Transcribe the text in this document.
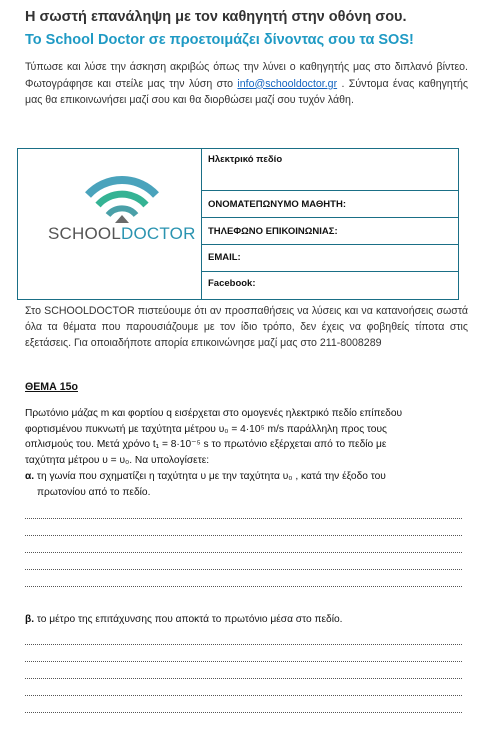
Η σωστή επανάληψη με τον καθηγητή στην οθόνη σου.
Το School Doctor σε προετοιμάζει δίνοντας σου τα SOS!
Τύπωσε και λύσε την άσκηση ακριβώς όπως την λύνει ο καθηγητής μας στο διπλανό βίντεο. Φωτογράφησε και στείλε μας την λύση στο info@schooldoctor.gr . Σύντομα ένας καθηγητής μας θα επικοινωνήσει μαζί σου και θα διορθώσει μαζί σου τυχόν λάθη.
SCHOOLDOCTOR
Ηλεκτρικό πεδίο
ΟΝΟΜΑΤΕΠΩΝΥΜΟ ΜΑΘΗΤΗ:
ΤΗΛΕΦΩΝΟ ΕΠΙΚΟΙΝΩΝΙΑΣ:
EMAIL:
Facebook:
Στο SCHOOLDOCTOR πιστεύουμε ότι αν προσπαθήσεις να λύσεις και να κατανοήσεις σωστά όλα τα θέματα που παρουσιάζουμε με τον ίδιο τρόπο, δεν έχεις να φοβηθείς τίποτα στις εξετάσεις. Για οποιαδήποτε απορία επικοινώνησε μαζί μας στο 211-8008289
ΘΕΜΑ 15ο
Πρωτόνιο μάζας m και φορτίου q εισέρχεται στο ομογενές ηλεκτρικό πεδίο επίπεδου
φορτισμένου πυκνωτή με ταχύτητα μέτρου υ₀ = 4·10⁵ m/s παράλληλη προς τους
οπλισμούς του. Μετά χρόνο t₁ = 8·10⁻⁵ s το πρωτόνιο εξέρχεται από το πεδίο με
ταχύτητα μέτρου υ = υ₀. Να υπολογίσετε:
α. τη γωνία που σχηματίζει η ταχύτητα υ με την ταχύτητα υ₀ , κατά την έξοδο του
πρωτονίου από το πεδίο.
β. το μέτρο της επιτάχυνσης που αποκτά το πρωτόνιο μέσα στο πεδίο.
